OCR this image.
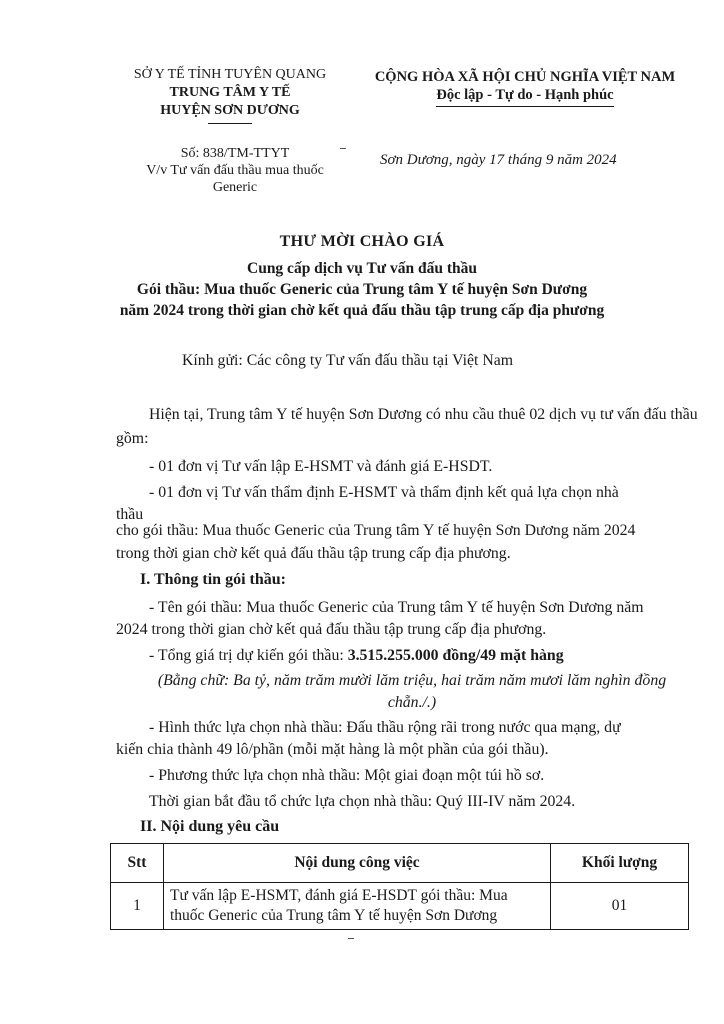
SỞ Y TẾ TỈNH TUYÊN QUANG
TRUNG TÂM Y TẾ
HUYỆN SƠN DƯƠNG
CỘNG HÒA XÃ HỘI CHỦ NGHĨA VIỆT NAM
Độc lập - Tự do - Hạnh phúc
Số: 838/TM-TTYT
V/v Tư vấn đấu thầu mua thuốc
Generic
Sơn Dương, ngày 17 tháng 9 năm 2024
THƯ MỜI CHÀO GIÁ
Cung cấp dịch vụ Tư vấn đấu thầu
Gói thầu: Mua thuốc Generic của Trung tâm Y tế huyện Sơn Dương
năm 2024 trong thời gian chờ kết quả đấu thầu tập trung cấp địa phương
Kính gửi: Các công ty Tư vấn đấu thầu tại Việt Nam
Hiện tại, Trung tâm Y tế huyện Sơn Dương có nhu cầu thuê 02 dịch vụ tư vấn đấu thầu gồm:
- 01 đơn vị Tư vấn lập E-HSMT và đánh giá E-HSDT.
- 01 đơn vị Tư vấn thẩm định E-HSMT và thẩm định kết quả lựa chọn nhà
thầu
cho gói thầu: Mua thuốc Generic của Trung tâm Y tế huyện Sơn Dương năm 2024
trong thời gian chờ kết quả đấu thầu tập trung cấp địa phương.
I. Thông tin gói thầu:
- Tên gói thầu: Mua thuốc Generic của Trung tâm Y tế huyện Sơn Dương năm
2024 trong thời gian chờ kết quả đấu thầu tập trung cấp địa phương.
- Tổng giá trị dự kiến gói thầu: 3.515.255.000 đồng/49 mặt hàng
(Bằng chữ: Ba tỷ, năm trăm mười lăm triệu, hai trăm năm mươi lăm nghìn đồng
chẵn./.)
- Hình thức lựa chọn nhà thầu: Đấu thầu rộng rãi trong nước qua mạng, dự
kiến chia thành 49 lô/phần (mỗi mặt hàng là một phần của gói thầu).
- Phương thức lựa chọn nhà thầu: Một giai đoạn một túi hồ sơ.
Thời gian bắt đầu tổ chức lựa chọn nhà thầu: Quý III-IV năm 2024.
II. Nội dung yêu cầu
Stt	Nội dung công việc	Khối lượng
1	Tư vấn lập E-HSMT, đánh giá E-HSDT gói thầu: Mua
thuốc Generic của Trung tâm Y tế huyện Sơn Dương	01
